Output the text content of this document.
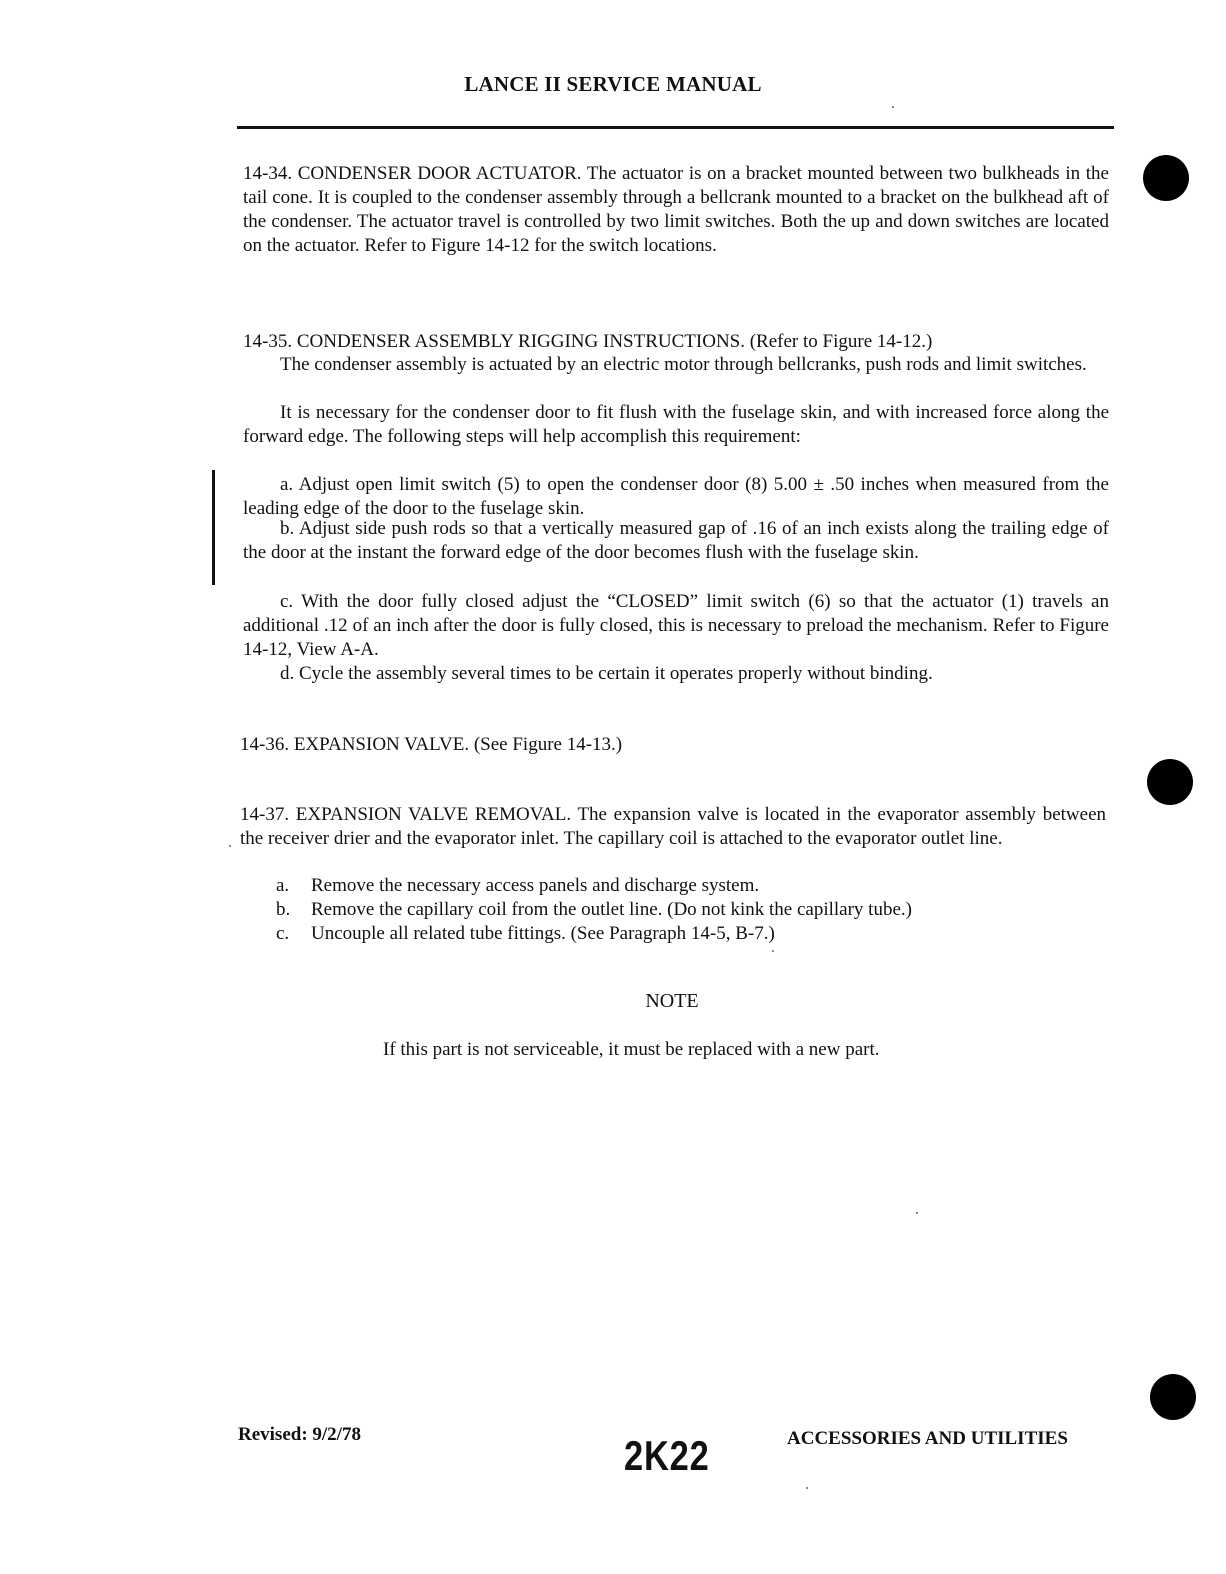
LANCE II SERVICE MANUAL

14-34. CONDENSER DOOR ACTUATOR. The actuator is on a bracket mounted between two bulkheads in the tail cone. It is coupled to the condenser assembly through a bellcrank mounted to a bracket on the bulkhead aft of the condenser. The actuator travel is controlled by two limit switches. Both the up and down switches are located on the actuator. Refer to Figure 14-12 for the switch locations.

14-35. CONDENSER ASSEMBLY RIGGING INSTRUCTIONS. (Refer to Figure 14-12.)

The condenser assembly is actuated by an electric motor through bellcranks, push rods and limit switches.

It is necessary for the condenser door to fit flush with the fuselage skin, and with increased force along the forward edge. The following steps will help accomplish this requirement:

a. Adjust open limit switch (5) to open the condenser door (8) 5.00 ± .50 inches when measured from the leading edge of the door to the fuselage skin.

b. Adjust side push rods so that a vertically measured gap of .16 of an inch exists along the trailing edge of the door at the instant the forward edge of the door becomes flush with the fuselage skin.

c. With the door fully closed adjust the “CLOSED” limit switch (6) so that the actuator (1) travels an additional .12 of an inch after the door is fully closed, this is necessary to preload the mechanism. Refer to Figure 14-12, View A-A.

d. Cycle the assembly several times to be certain it operates properly without binding.

14-36. EXPANSION VALVE. (See Figure 14-13.)

14-37. EXPANSION VALVE REMOVAL. The expansion valve is located in the evaporator assembly between the receiver drier and the evaporator inlet. The capillary coil is attached to the evaporator outlet line.

a.	Remove the necessary access panels and discharge system.
b.	Remove the capillary coil from the outlet line. (Do not kink the capillary tube.)
c.	Uncouple all related tube fittings. (See Paragraph 14-5, B-7.)
NOTE
If this part is not serviceable, it must be replaced with a new part.
Revised: 9/2/78	2K22	ACCESSORIES AND UTILITIES
